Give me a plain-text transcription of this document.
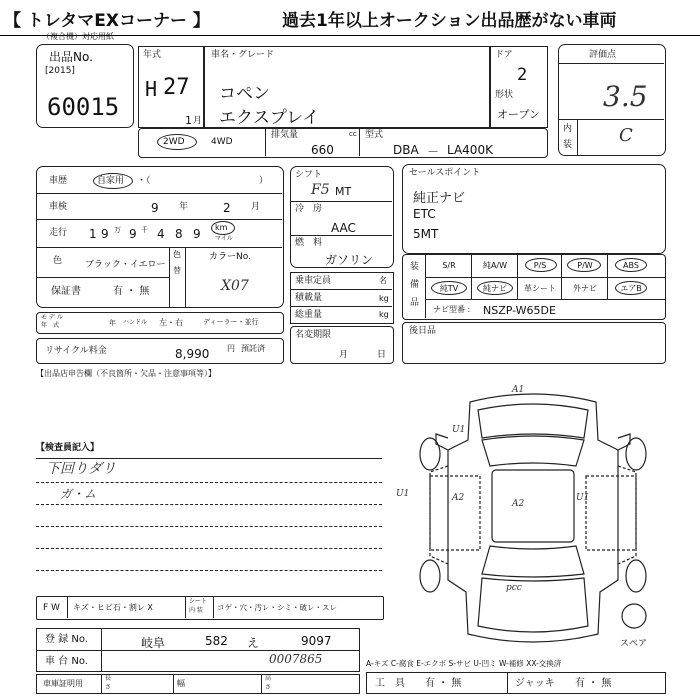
【 トレタマEXコーナー 】	過去1年以上オークション出品歴がない車両
（複合機）対応用紙
出品No.
[2015]
60015
年式
H 27
1 月
車名・グレード
コペン
エクスプレイ
ドア
2
形状
オープン
評価点
3.5
内
装	C
2WD	4WD
排気量	cc
660
型式
DBA － LA400K
車歴	自家用 ・（	）
車検	9 年	2 月
走行 1 9 万 9 千 4 8 9 km
マイル
色	ブラック・イエロー
色
替
カラーNo.
X07
保証書	有 ・ 無
モ デ ル
年　式	年 ハンドル 左・右	ディーラー・並行
リサイクル料金	8,990 円 預託済
シフト
F5 MT
冷　房
AAC
燃　料
ガソリン
乗車定員	名
積載量	kg
総重量	kg
名変期限
月	日
セールスポイント
純正ナビ
ETC
5MT
装
備
品
S/R	純A/W	P/S	P/W	ABS
純TV	純ナビ	革シート	外ナビ	エアB
ナビ型番 : NSZP-W65DE
後日品
【出品店申告欄（不良箇所・欠品・注意事項等）】
【検査員記入】
下回りダリ
ガ・ム
F W キズ・ヒビ石・割レ X
シート
内 装 コゲ・穴・汚レ・シミ・破レ・スレ
登 録 No.	岐阜	582 え	9097
車 台 No.	0007865
車庫証明用
長
さ	幅
高
さ
A-キズ C-腐食 E-エクボ S-サビ U-凹ミ W-補修 XX-交換済
工　具 有 ・ 無	ジャッキ 有 ・ 無
A1
U1
A2
A2
U1
U1
pcc
スペア
